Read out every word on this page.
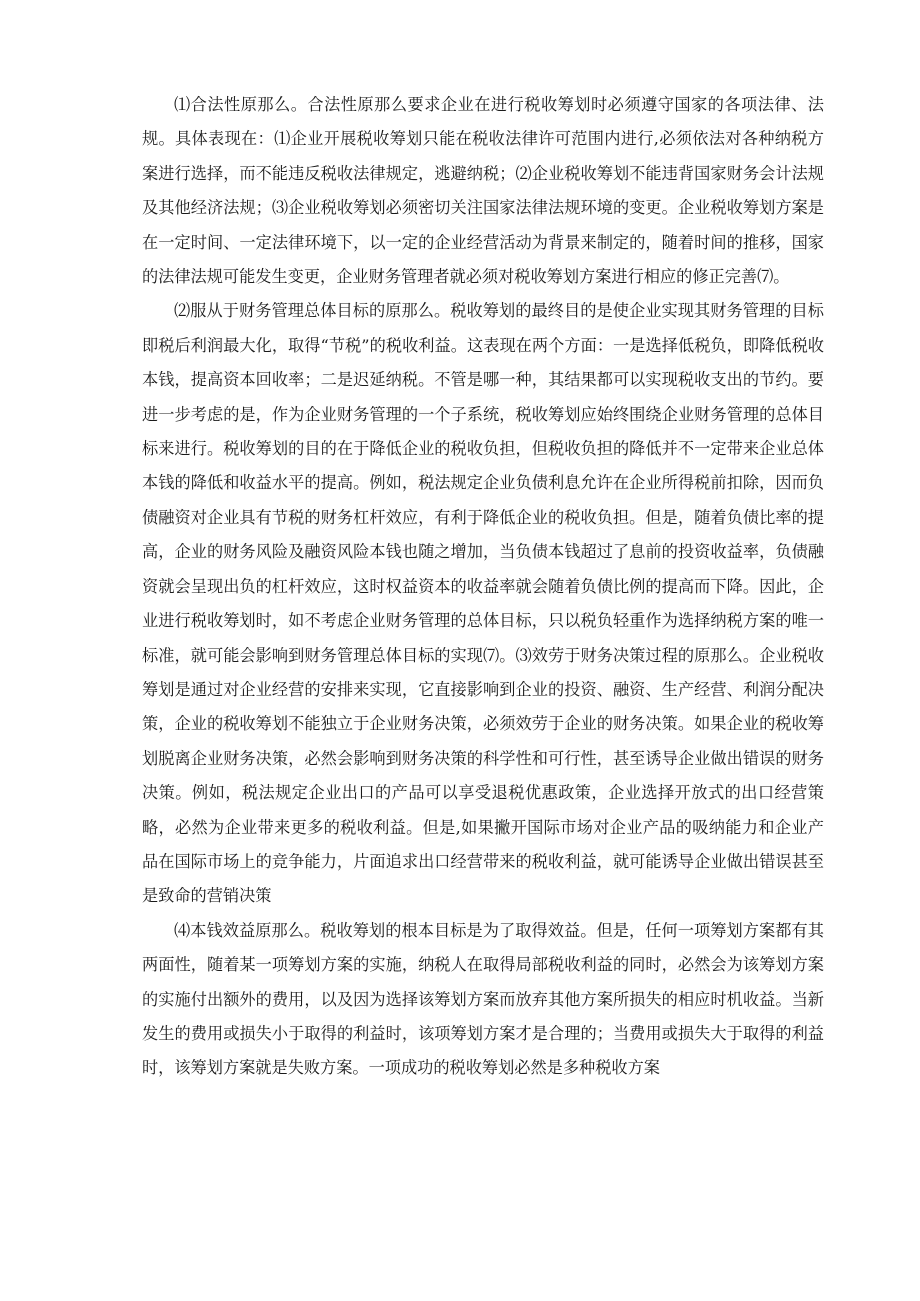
⑴合法性原那么。合法性原那么要求企业在进行税收筹划时必须遵守国家的各项法律、法规。具体表现在：⑴企业开展税收筹划只能在税收法律许可范围内进行,必须依法对各种纳税方案进行选择，而不能违反税收法律规定，逃避纳税；⑵企业税收筹划不能违背国家财务会计法规及其他经济法规；⑶企业税收筹划必须密切关注国家法律法规环境的变更。企业税收筹划方案是在一定时间、一定法律环境下，以一定的企业经营活动为背景来制定的，随着时间的推移，国家的法律法规可能发生变更，企业财务管理者就必须对税收筹划方案进行相应的修正完善⑺。

⑵服从于财务管理总体目标的原那么。税收筹划的最终目的是使企业实现其财务管理的目标即税后利润最大化，取得“节税”的税收利益。这表现在两个方面：一是选择低税负，即降低税收本钱，提高资本回收率；二是迟延纳税。不管是哪一种，其结果都可以实现税收支出的节约。要进一步考虑的是，作为企业财务管理的一个子系统，税收筹划应始终围绕企业财务管理的总体目标来进行。税收筹划的目的在于降低企业的税收负担，但税收负担的降低并不一定带来企业总体本钱的降低和收益水平的提高。例如，税法规定企业负债利息允许在企业所得税前扣除，因而负债融资对企业具有节税的财务杠杆效应，有利于降低企业的税收负担。但是，随着负债比率的提高，企业的财务风险及融资风险本钱也随之增加，当负债本钱超过了息前的投资收益率，负债融资就会呈现出负的杠杆效应，这时权益资本的收益率就会随着负债比例的提高而下降。因此，企业进行税收筹划时，如不考虑企业财务管理的总体目标，只以税负轻重作为选择纳税方案的唯一标准，就可能会影响到财务管理总体目标的实现⑺。⑶效劳于财务决策过程的原那么。企业税收筹划是通过对企业经营的安排来实现，它直接影响到企业的投资、融资、生产经营、利润分配决策，企业的税收筹划不能独立于企业财务决策，必须效劳于企业的财务决策。如果企业的税收筹划脱离企业财务决策，必然会影响到财务决策的科学性和可行性，甚至诱导企业做出错误的财务决策。例如，税法规定企业出口的产品可以享受退税优惠政策，企业选择开放式的出口经营策略，必然为企业带来更多的税收利益。但是,如果撇开国际市场对企业产品的吸纳能力和企业产品在国际市场上的竞争能力，片面追求出口经营带来的税收利益，就可能诱导企业做出错误甚至是致命的营销决策

⑷本钱效益原那么。税收筹划的根本目标是为了取得效益。但是，任何一项筹划方案都有其两面性，随着某一项筹划方案的实施，纳税人在取得局部税收利益的同时，必然会为该筹划方案的实施付出额外的费用，以及因为选择该筹划方案而放弃其他方案所损失的相应时机收益。当新发生的费用或损失小于取得的利益时，该项筹划方案才是合理的；当费用或损失大于取得的利益时，该筹划方案就是失败方案。一项成功的税收筹划必然是多种税收方案
